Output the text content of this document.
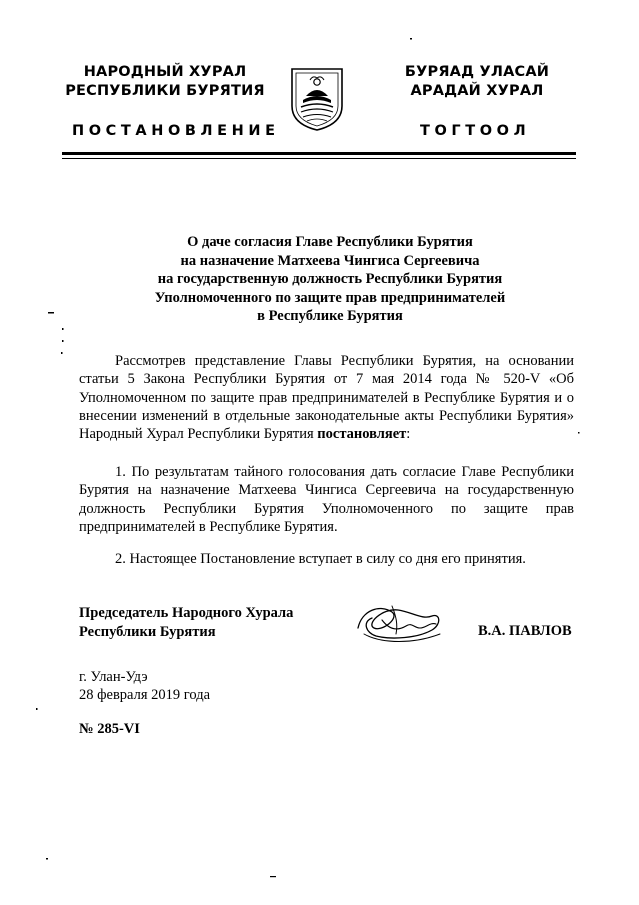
НАРОДНЫЙ ХУРАЛ
РЕСПУБЛИКИ БУРЯТИЯ
БУРЯАД УЛАСАЙ
АРАДАЙ ХУРАЛ
ПОСТАНОВЛЕНИЕ	ТОГТООЛ
О даче согласия Главе Республики Бурятия
на назначение Матхеева Чингиса Сергеевича
на государственную должность Республики Бурятия
Уполномоченного по защите прав предпринимателей
в Республике Бурятия
Рассмотрев представление Главы Республики Бурятия, на основании статьи 5 Закона Республики Бурятия от 7 мая 2014 года № 520-V «Об Уполномоченном по защите прав предпринимателей в Республике Бурятия и о внесении изменений в отдельные законодательные акты Республики Бурятия» Народный Хурал Республики Бурятия постановляет:
1. По результатам тайного голосования дать согласие Главе Республики Бурятия на назначение Матхеева Чингиса Сергеевича на государственную должность Республики Бурятия Уполномоченного по защите прав предпринимателей в Республике Бурятия.
2. Настоящее Постановление вступает в силу со дня его принятия.
Председатель Народного Хурала
Республики Бурятия	В.А. ПАВЛОВ
г. Улан-Удэ
28 февраля 2019 года
№ 285-VI
